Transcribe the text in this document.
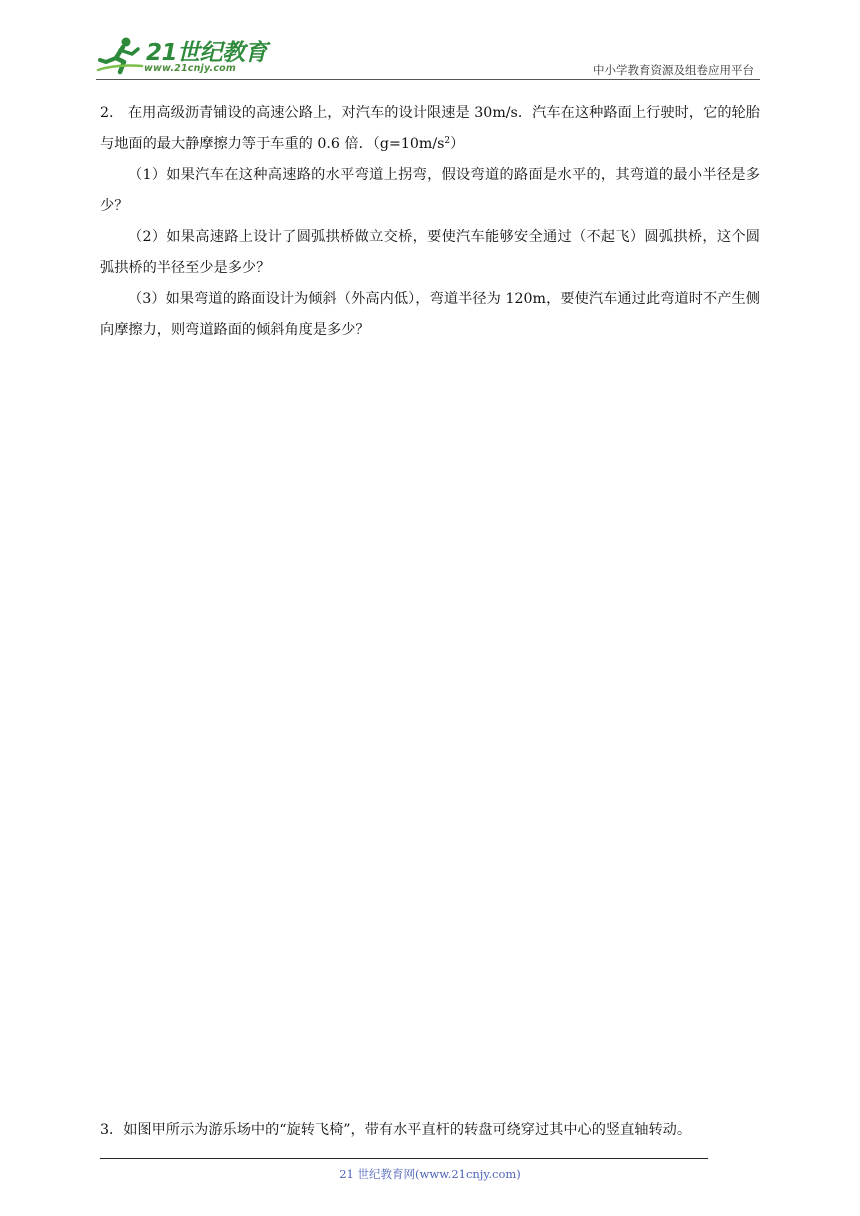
21世纪教育
www.21cnjy.com	中小学教育资源及组卷应用平台

2.　在用高级沥青铺设的高速公路上，对汽车的设计限速是 30m/s．汽车在这种路面上行驶时，它的轮胎与地面的最大静摩擦力等于车重的 0.6 倍．$(g=10m/s^2)$

（1）如果汽车在这种高速路的水平弯道上拐弯，假设弯道的路面是水平的，其弯道的最小半径是多少？

（2）如果高速路上设计了圆弧拱桥做立交桥，要使汽车能够安全通过（不起飞）圆弧拱桥，这个圆弧拱桥的半径至少是多少？

（3）如果弯道的路面设计为倾斜（外高内低），弯道半径为 120m，要使汽车通过此弯道时不产生侧向摩擦力，则弯道路面的倾斜角度是多少？

3．如图甲所示为游乐场中的“旋转飞椅”，带有水平直杆的转盘可绕穿过其中心的竖直轴转动。

21 世纪教育网(www.21cnjy.com)
